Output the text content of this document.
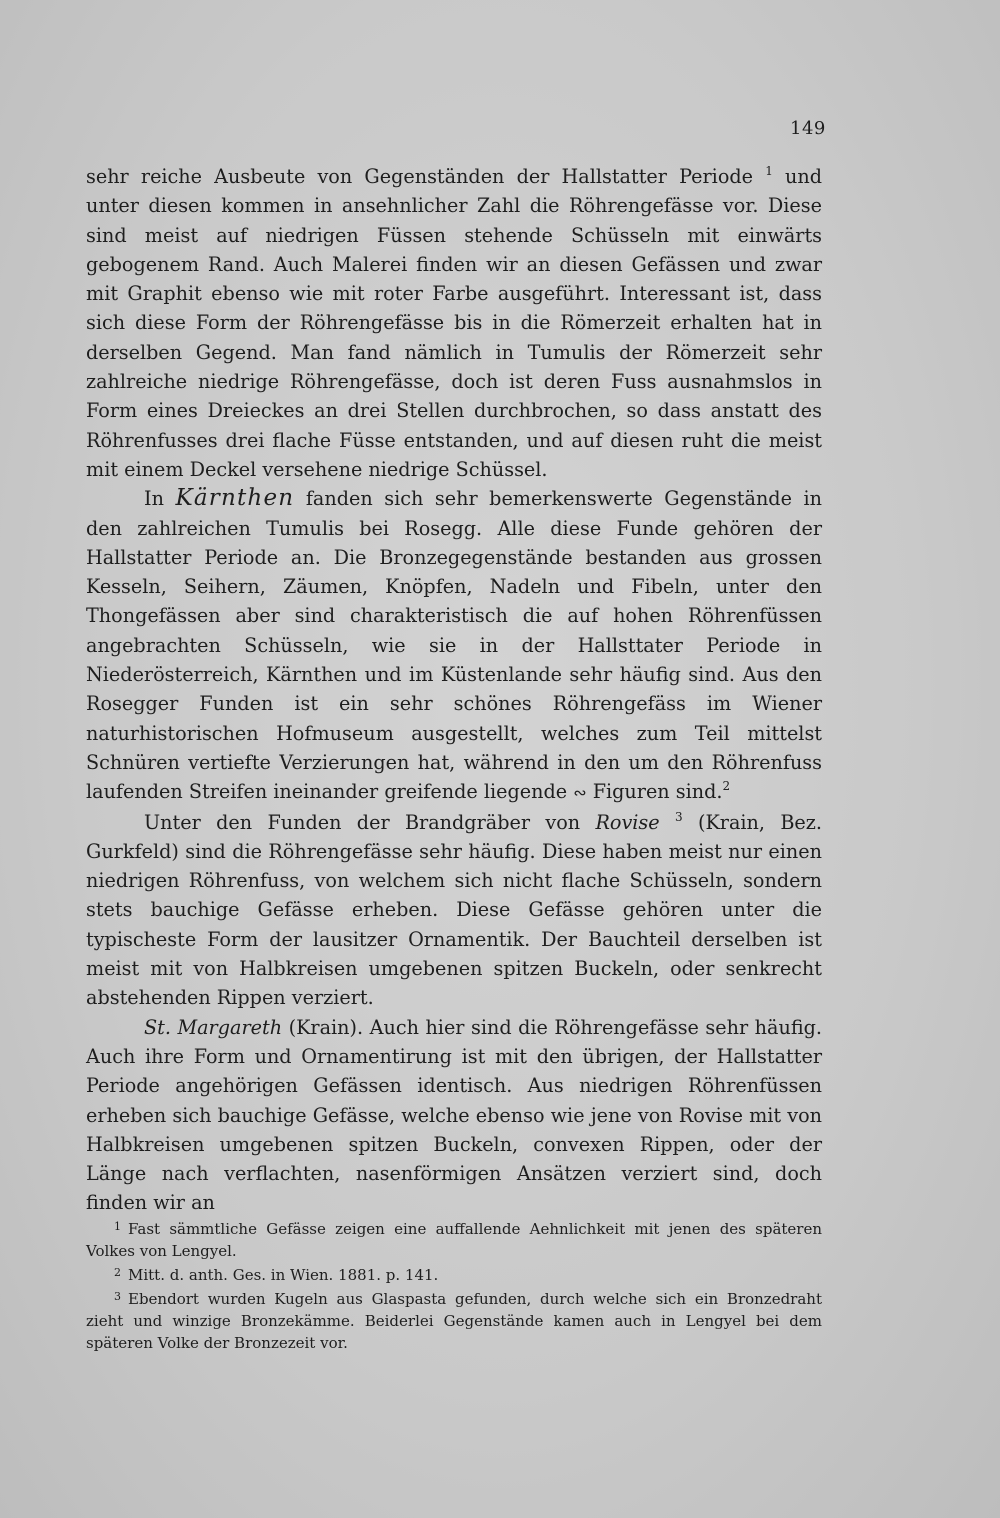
149

sehr reiche Ausbeute von Gegenständen der Hallstatter Periode $^1$ und unter diesen kommen in ansehnlicher Zahl die Röhrengefässe vor. Diese sind meist auf niedrigen Füssen stehende Schüsseln mit einwärts gebogenem Rand. Auch Malerei finden wir an diesen Gefässen und zwar mit Graphit ebenso wie mit roter Farbe ausgeführt. Interessant ist, dass sich diese Form der Röhrengefässe bis in die Römerzeit erhalten hat in derselben Gegend. Man fand nämlich in Tumulis der Römerzeit sehr zahlreiche niedrige Röhrengefässe, doch ist deren Fuss ausnahmslos in Form eines Dreieckes an drei Stellen durchbrochen, so dass anstatt des Röhrenfusses drei flache Füsse entstanden, und auf diesen ruht die meist mit einem Deckel versehene niedrige Schüssel.

In Kärnthen fanden sich sehr bemerkenswerte Gegenstände in den zahlreichen Tumulis bei Rosegg. Alle diese Funde gehören der Hallstatter Periode an. Die Bronzegegenstände bestanden aus grossen Kesseln, Seihern, Zäumen, Knöpfen, Nadeln und Fibeln, unter den Thongefässen aber sind charakteristisch die auf hohen Röhrenfüssen angebrachten Schüsseln, wie sie in der Hallsttater Periode in Niederösterreich, Kärnthen und im Küstenlande sehr häufig sind. Aus den Rosegger Funden ist ein sehr schönes Röhrengefäss im Wiener naturhistorischen Hofmuseum ausgestellt, welches zum Teil mittelst Schnüren vertiefte Verzierungen hat, während in den um den Röhrenfuss laufenden Streifen ineinander greifende liegende ∾ Figuren sind.$^2$

Unter den Funden der Brandgräber von Rovise $^3$ (Krain, Bez. Gurkfeld) sind die Röhrengefässe sehr häufig. Diese haben meist nur einen niedrigen Röhrenfuss, von welchem sich nicht flache Schüsseln, sondern stets bauchige Gefässe erheben. Diese Gefässe gehören unter die typischeste Form der lausitzer Ornamentik. Der Bauchteil derselben ist meist mit von Halbkreisen umgebenen spitzen Buckeln, oder senkrecht abstehenden Rippen verziert.

St. Margareth (Krain). Auch hier sind die Röhrengefässe sehr häufig. Auch ihre Form und Ornamentirung ist mit den übrigen, der Hallstatter Periode angehörigen Gefässen identisch. Aus niedrigen Röhrenfüssen erheben sich bauchige Gefässe, welche ebenso wie jene von Rovise mit von Halbkreisen umgebenen spitzen Buckeln, convexen Rippen, oder der Länge nach verflachten, nasenförmigen Ansätzen verziert sind, doch finden wir an

$^1$ Fast sämmtliche Gefässe zeigen eine auffallende Aehnlichkeit mit jenen des späteren Volkes von Lengyel.

$^2$ Mitt. d. anth. Ges. in Wien. 1881. p. 141.

$^3$ Ebendort wurden Kugeln aus Glaspasta gefunden, durch welche sich ein Bronzedraht zieht und winzige Bronzekämme. Beiderlei Gegenstände kamen auch in Lengyel bei dem späteren Volke der Bronzezeit vor.
